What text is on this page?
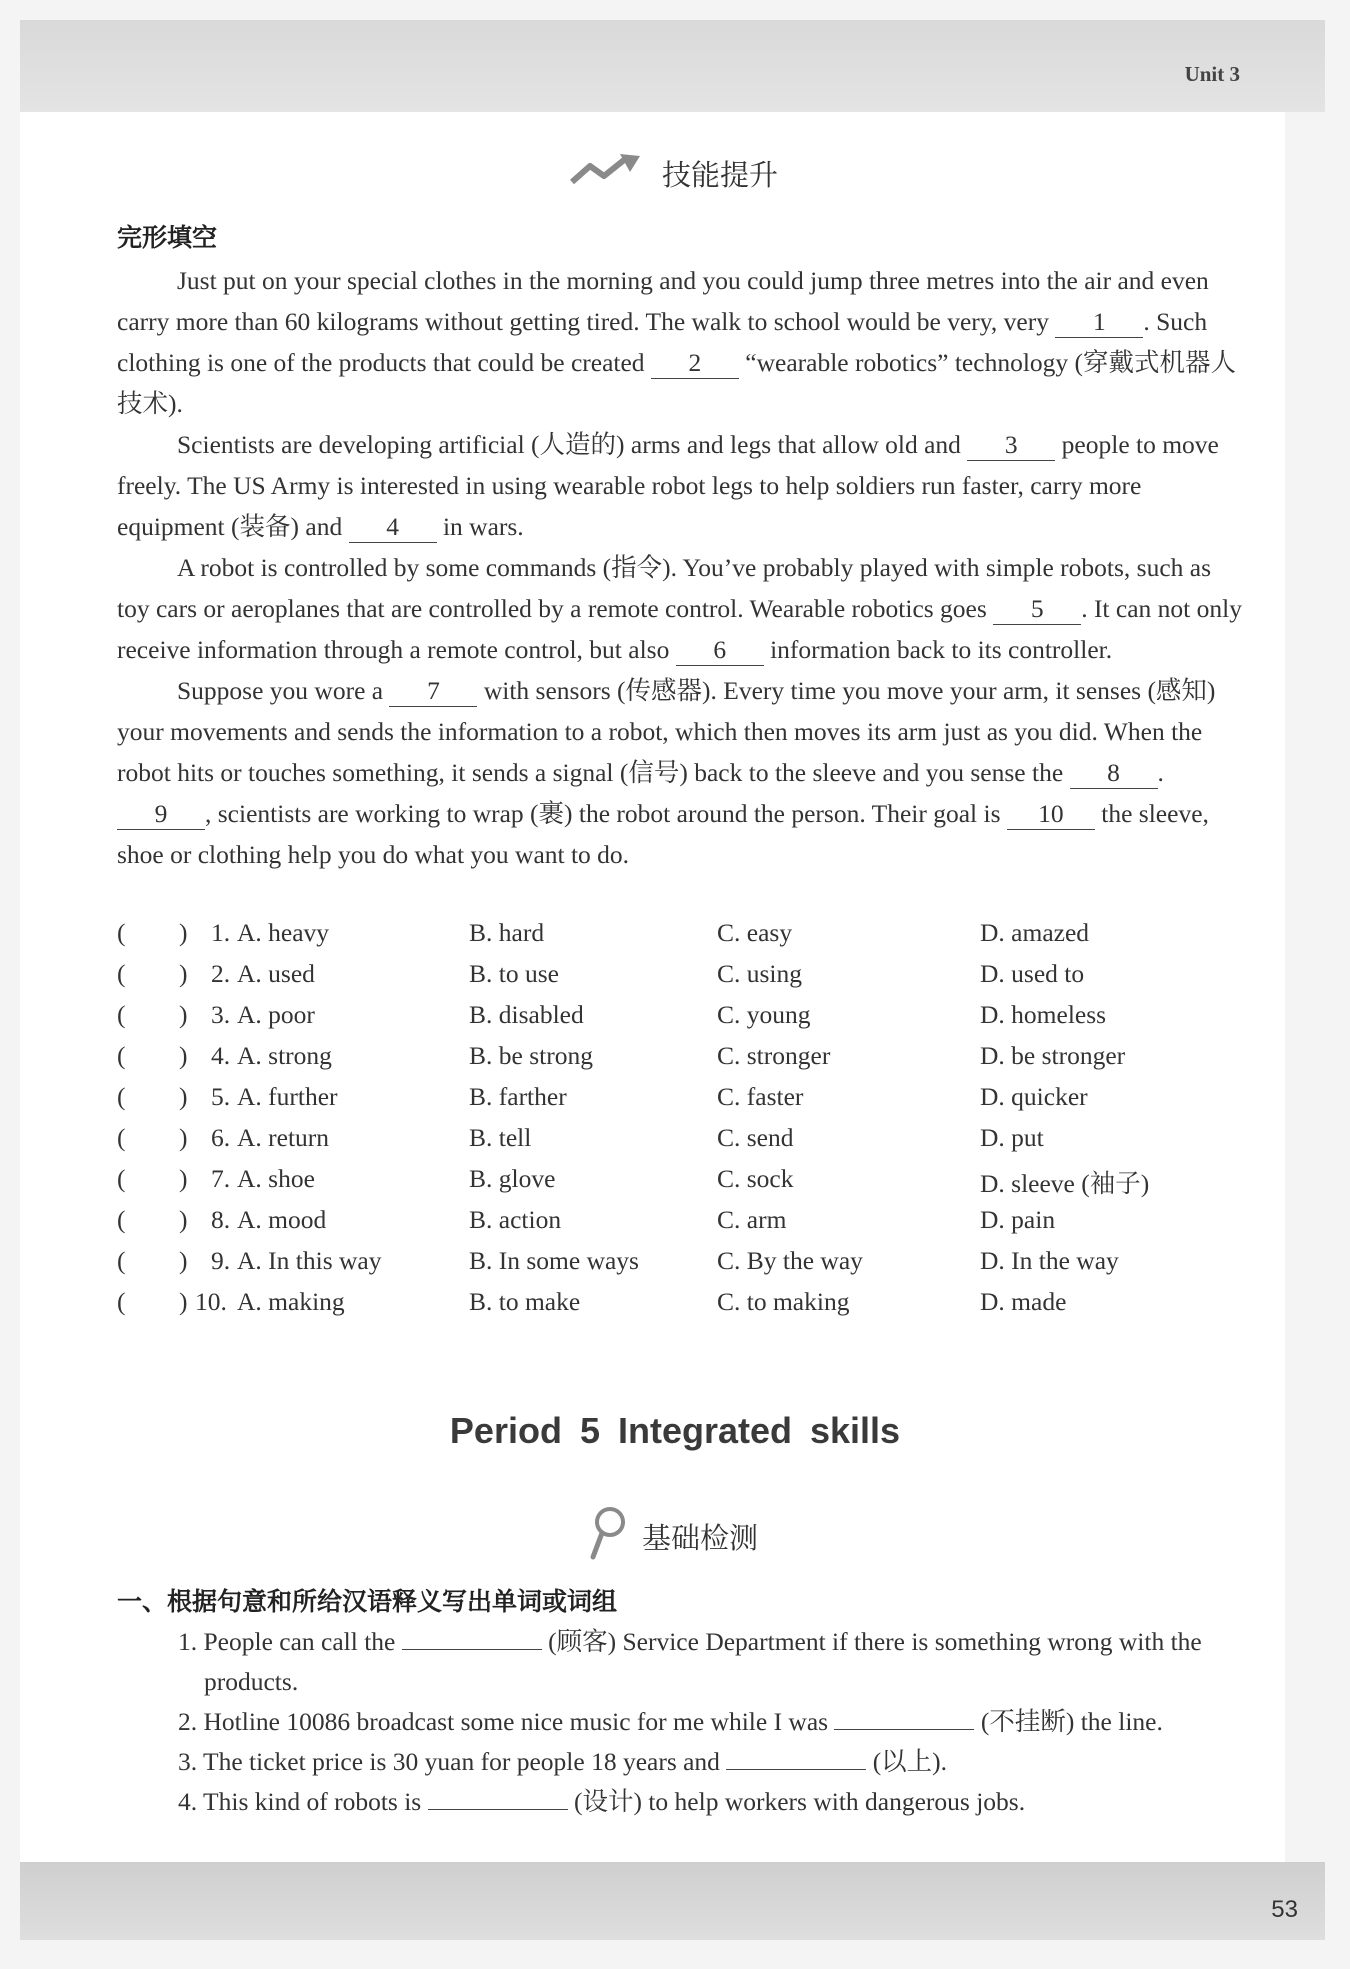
Unit 3
技能提升
完形填空

Just put on your special clothes in the morning and you could jump three metres into the air and even carry more than 60 kilograms without getting tired. The walk to school would be very, very 1 . Such clothing is one of the products that could be created 2 “wearable robotics” technology (穿戴式机器人技术).

Scientists are developing artificial (人造的) arms and legs that allow old and 3 people to move freely. The US Army is interested in using wearable robot legs to help soldiers run faster, carry more equipment (装备) and 4 in wars.

A robot is controlled by some commands (指令). You’ve probably played with simple robots, such as toy cars or aeroplanes that are controlled by a remote control. Wearable robotics goes 5 . It can not only receive information through a remote control, but also 6 information back to its controller.

Suppose you wore a 7 with sensors (传感器). Every time you move your arm, it senses (感知) your movements and sends the information to a robot, which then moves its arm just as you did. When the robot hits or touches something, it sends a signal (信号) back to the sleeve and you sense the 8 . 9 , scientists are working to wrap (裹) the robot around the person. Their goal is 10 the sleeve, shoe or clothing help you do what you want to do.

( ) 1. A. heavy	B. hard	C. easy	D. amazed
( ) 2. A. used	B. to use	C. using	D. used to
( ) 3. A. poor	B. disabled	C. young	D. homeless
( ) 4. A. strong	B. be strong	C. stronger	D. be stronger
( ) 5. A. further	B. farther	C. faster	D. quicker
( ) 6. A. return	B. tell	C. send	D. put
( ) 7. A. shoe	B. glove	C. sock	D. sleeve (袖子)
( ) 8. A. mood	B. action	C. arm	D. pain
( ) 9. A. In this way	B. In some ways	C. By the way	D. In the way
( ) 10. A. making	B. to make	C. to making	D. made
Period 5 Integrated skills
基础检测
一、根据句意和所给汉语释义写出单词或词组
1. People can call the	(顾客) Service Department if there is something wrong with the products.
2. Hotline 10086 broadcast some nice music for me while I was	(不挂断) the line.
3. The ticket price is 30 yuan for people 18 years and	(以上).
4. This kind of robots is	(设计) to help workers with dangerous jobs.
53
